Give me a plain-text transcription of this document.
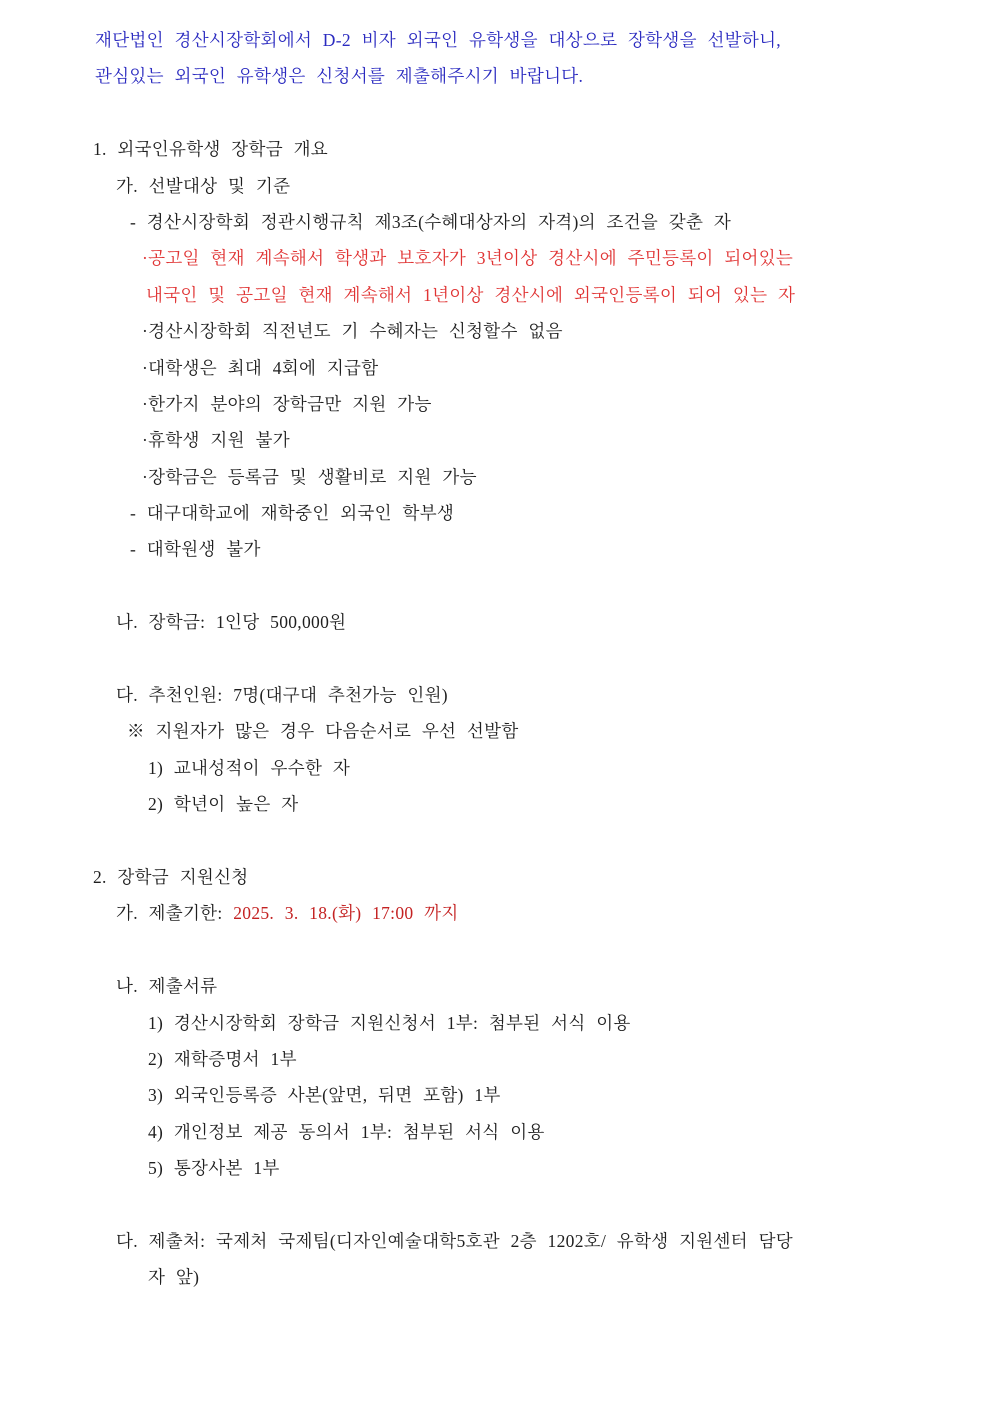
재단법인 경산시장학회에서 D-2 비자 외국인 유학생을 대상으로 장학생을 선발하니,
관심있는 외국인 유학생은 신청서를 제출해주시기 바랍니다.
1. 외국인유학생 장학금 개요
가. 선발대상 및 기준
- 경산시장학회 정관시행규칙 제3조(수혜대상자의 자격)의 조건을 갖춘 자
·공고일 현재 계속해서 학생과 보호자가 3년이상 경산시에 주민등록이 되어있는
내국인 및 공고일 현재 계속해서 1년이상 경산시에 외국인등록이 되어 있는 자
·경산시장학회 직전년도 기 수혜자는 신청할수 없음
·대학생은 최대 4회에 지급함
·한가지 분야의 장학금만 지원 가능
·휴학생 지원 불가
·장학금은 등록금 및 생활비로 지원 가능
- 대구대학교에 재학중인 외국인 학부생
- 대학원생 불가
나. 장학금: 1인당 500,000원
다. 추천인원: 7명(대구대 추천가능 인원)
※ 지원자가 많은 경우 다음순서로 우선 선발함
1) 교내성적이 우수한 자
2) 학년이 높은 자
2. 장학금 지원신청
가. 제출기한: 2025. 3. 18.(화) 17:00 까지
나. 제출서류
1) 경산시장학회 장학금 지원신청서 1부: 첨부된 서식 이용
2) 재학증명서 1부
3) 외국인등록증 사본(앞면, 뒤면 포함) 1부
4) 개인정보 제공 동의서 1부: 첨부된 서식 이용
5) 통장사본 1부
다. 제출처: 국제처 국제팀(디자인예술대학5호관 2층 1202호/ 유학생 지원센터 담당
자 앞)
